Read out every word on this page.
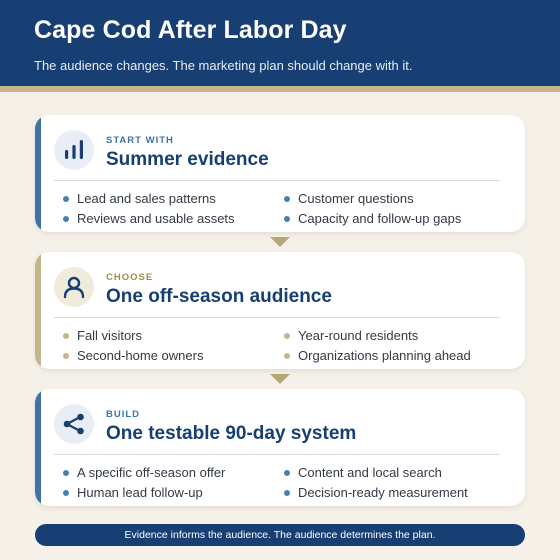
Cape Cod After Labor Day
The audience changes. The marketing plan should change with it.
START WITH
Summer evidence
Lead and sales patterns	Customer questions
Reviews and usable assets	Capacity and follow-up gaps
CHOOSE
One off-season audience
Fall visitors	Year-round residents
Second-home owners	Organizations planning ahead
BUILD
One testable 90-day system
A specific off-season offer	Content and local search
Human lead follow-up	Decision-ready measurement
Evidence informs the audience. The audience determines the plan.
